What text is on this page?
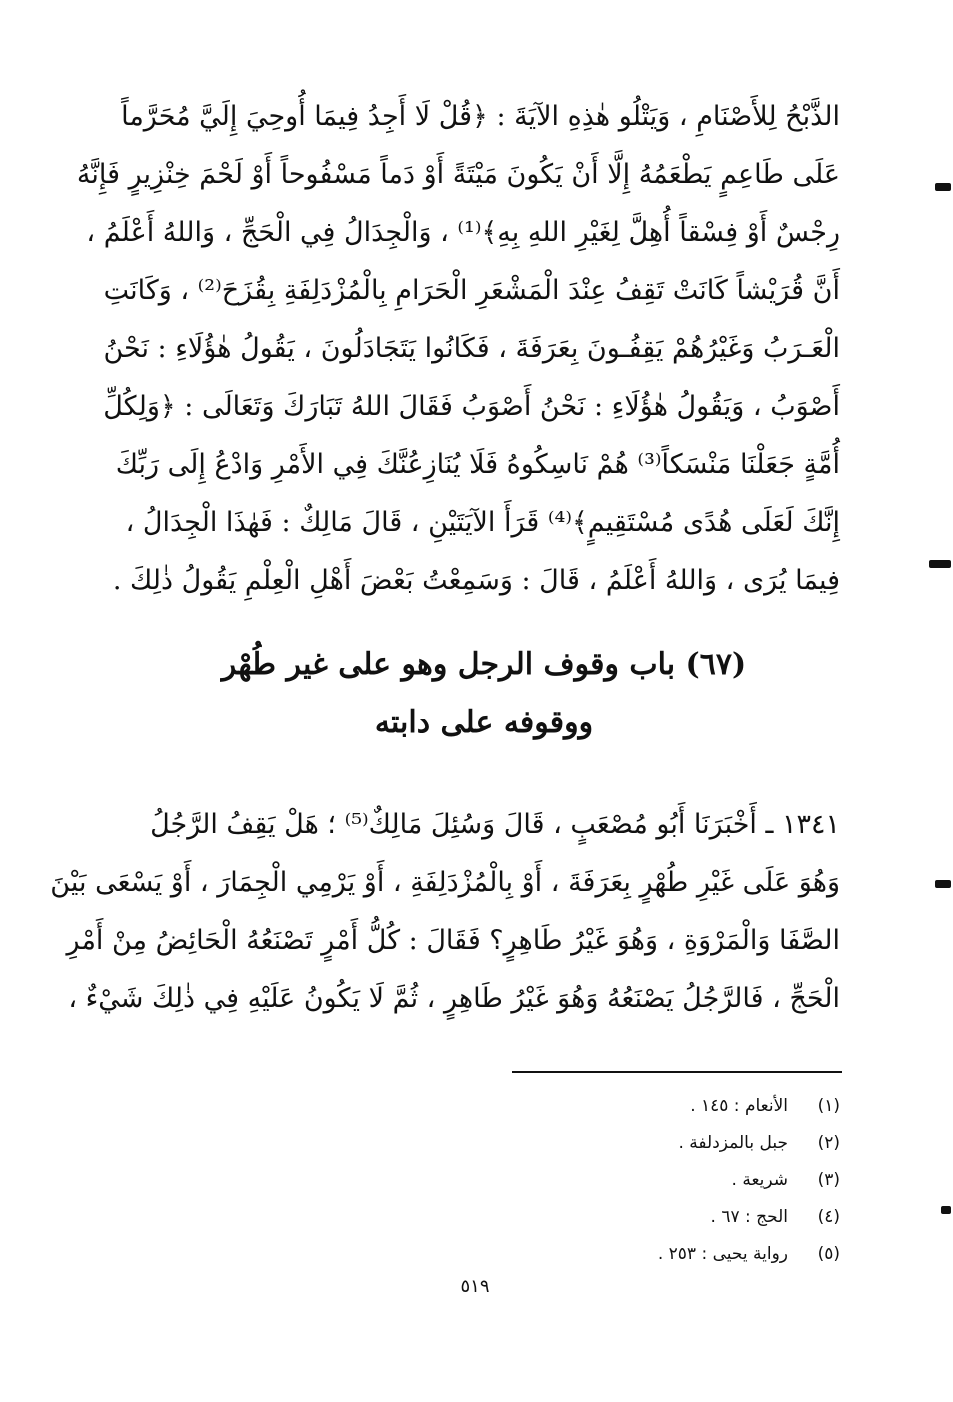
الذَّبْحُ لِلأَصْنَامِ ، وَيَتْلُو هٰذِهِ الآيَةَ : ﴿قُلْ لَا أَجِدُ فِيمَا أُوحِيَ إِلَيَّ مُحَرَّماً
عَلَى طَاعِمٍ يَطْعَمُهُ إِلَّا أَنْ يَكُونَ مَيْتَةً أَوْ دَماً مَسْفُوحاً أَوْ لَحْمَ خِنْزِيرٍ فَإِنَّهُ
رِجْسٌ أَوْ فِسْقاً أُهِلَّ لِغَيْرِ اللهِ بِهِ﴾⁽¹⁾ ، وَالْجِدَالُ فِي الْحَجِّ ، وَاللهُ أَعْلَمُ ،
أَنَّ قُرَيْشاً كَانَتْ تَقِفُ عِنْدَ الْمَشْعَرِ الْحَرَامِ بِالْمُزْدَلِفَةِ بِقُزَحَ⁽²⁾ ، وَكَانَتِ
الْعَـرَبُ وَغَيْرُهُمْ يَقِفُـونَ بِعَرَفَةَ ، فَكَانُوا يَتَجَادَلُونَ ، يَقُولُ هٰؤُلَاءِ : نَحْنُ
أَصْوَبُ ، وَيَقُولُ هٰؤُلَاءِ : نَحْنُ أَصْوَبُ فَقَالَ اللهُ تَبَارَكَ وَتَعَالَى : ﴿وَلِكُلِّ
أُمَّةٍ جَعَلْنَا مَنْسَكاً⁽³⁾ هُمْ نَاسِكُوهُ فَلَا يُنَازِعُنَّكَ فِي الأَمْرِ وَادْعُ إِلَى رَبِّكَ
إِنَّكَ لَعَلَى هُدًى مُسْتَقِيمٍ﴾⁽⁴⁾ قَرَأَ الآيَتَيْنِ ، قَالَ مَالِكٌ : فَهٰذَا الْجِدَالُ ،
فِيمَا يُرَى ، وَاللهُ أَعْلَمُ ، قَالَ : وَسَمِعْتُ بَعْضَ أَهْلِ الْعِلْمِ يَقُولُ ذٰلِكَ .
(٦٧) باب وقوف الرجل وهو على غير طُهْر
ووقوفه على دابته
١٣٤١ ـ أَخْبَرَنَا أَبُو مُصْعَبٍ ، قَالَ وَسُئِلَ مَالِكٌ⁽⁵⁾ ؛ هَلْ يَقِفُ الرَّجُلُ
وَهُوَ عَلَى غَيْرِ طُهْرٍ بِعَرَفَةَ ، أَوْ بِالْمُزْدَلِفَةِ ، أَوْ يَرْمِي الْجِمَارَ ، أَوْ يَسْعَى بَيْنَ
الصَّفَا وَالْمَرْوَةِ ، وَهُوَ غَيْرُ طَاهِرٍ؟ فَقَالَ : كُلُّ أَمْرٍ تَصْنَعُهُ الْحَائِضُ مِنْ أَمْرِ
الْحَجِّ ، فَالرَّجُلُ يَصْنَعُهُ وَهُوَ غَيْرُ طَاهِرٍ ، ثُمَّ لَا يَكُونُ عَلَيْهِ فِي ذٰلِكَ شَيْءٌ ،
(١)
الأنعام : ١٤٥ .
(٢)
جبل بالمزدلفة .
(٣)
شريعة .
(٤)
الحج : ٦٧ .
(٥)
رواية يحيى : ٢٥٣ .
٥١٩
